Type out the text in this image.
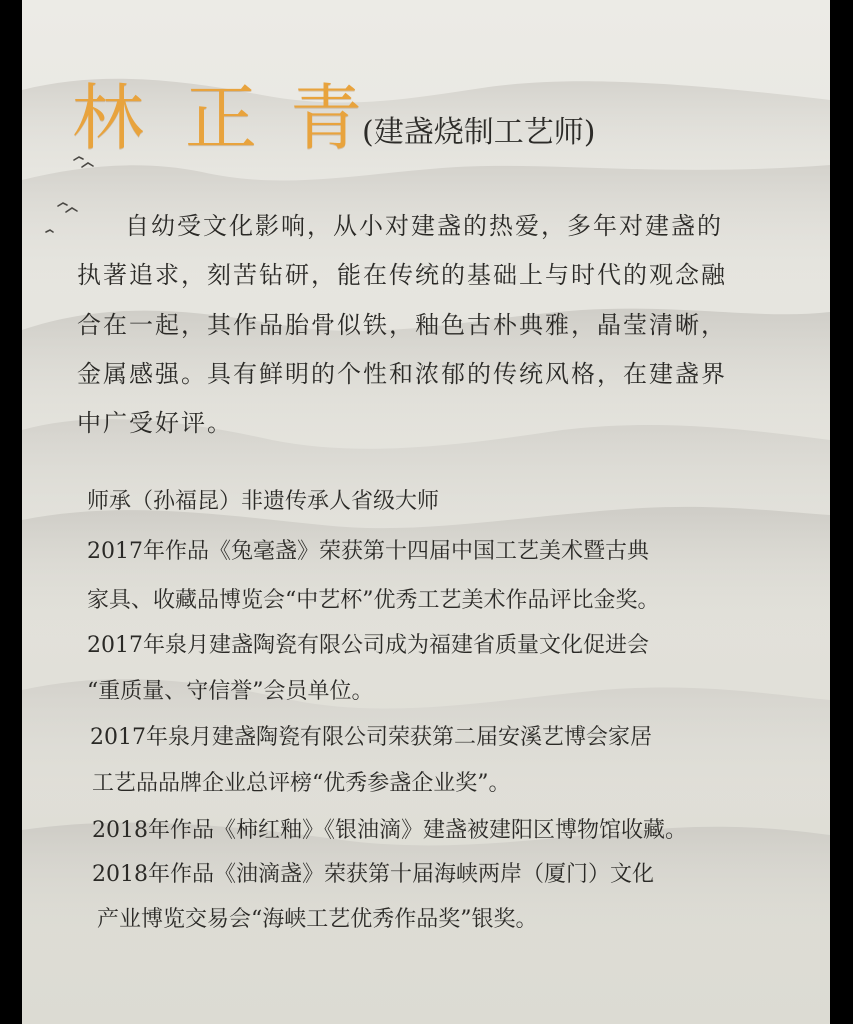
林 正 青 (建盏烧制工艺师)
自幼受文化影响，从小对建盏的热爱，多年对建盏的
执著追求，刻苦钻研，能在传统的基础上与时代的观念融
合在一起，其作品胎骨似铁，釉色古朴典雅，晶莹清晰，
金属感强。具有鲜明的个性和浓郁的传统风格，在建盏界
中广受好评。
师承（孙福昆）非遗传承人省级大师
2017年作品《兔毫盏》荣获第十四届中国工艺美术暨古典
家具、收藏品博览会“中艺杯”优秀工艺美术作品评比金奖。
2017年泉月建盏陶瓷有限公司成为福建省质量文化促进会
“重质量、守信誉”会员单位。
2017年泉月建盏陶瓷有限公司荣获第二届安溪艺博会家居
工艺品品牌企业总评榜“优秀参盏企业奖”。
2018年作品《柿红釉》《银油滴》建盏被建阳区博物馆收藏。
2018年作品《油滴盏》荣获第十届海峡两岸（厦门）文化
产业博览交易会“海峡工艺优秀作品奖”银奖。
